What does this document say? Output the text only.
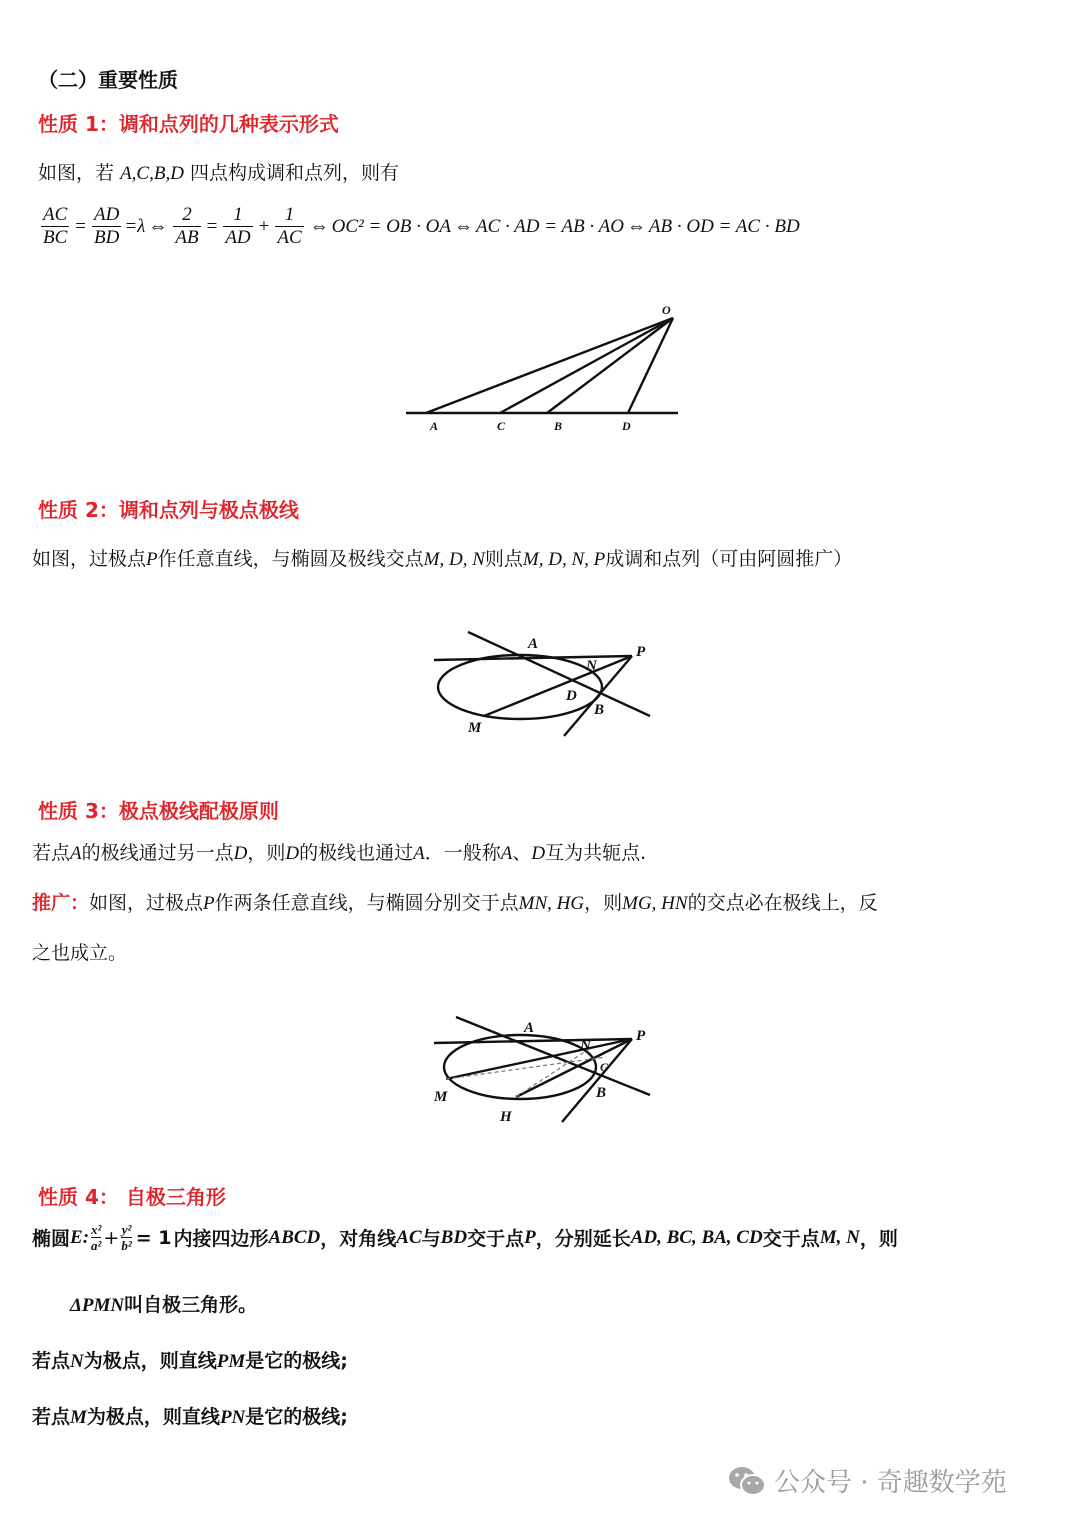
（二）重要性质
性质 1：调和点列的几种表示形式
如图，若 A,C,B,D 四点构成调和点列，则有
$\frac{AC}{BC} = \frac{AD}{BD} =\lambda$ ⇔ $\frac{2}{AB} = \frac{1}{AD} + \frac{1}{AC}$ ⇔ OC² = OB · OA ⇔ AC · AD = AB · AO ⇔ AB · OD = AC · BD
O
A	C	B	D
性质 2：调和点列与极点极线
如图，过极点P作任意直线，与椭圆及极线交点M, D, N则点M, D, N, P成调和点列（可由阿圆推广）
A	P
N
D
B
M
性质 3：极点极线配极原则
若点A的极线通过另一点D，则D的极线也通过A．一般称A、D互为共轭点.
推广：如图，过极点P作两条任意直线，与椭圆分别交于点MN, HG，则MG, HN的交点必在极线上，反
之也成立。
A	P
N
G
M
H
B
性质 4： 自极三角形
椭圆 E: $\frac{\text{x²}}{\text{a²}} + \frac{\text{y²}}{\text{b²}} = 1$ 内接四边形 ABCD ，对角线 AC 与 BD 交于点 P ，分别延长 AD, BC, BA, CD 交于点 M, N ，则
ΔPMN叫自极三角形。
若点N为极点，则直线PM是它的极线;
若点M为极点，则直线PN是它的极线;
公众号 · 奇趣数学苑
